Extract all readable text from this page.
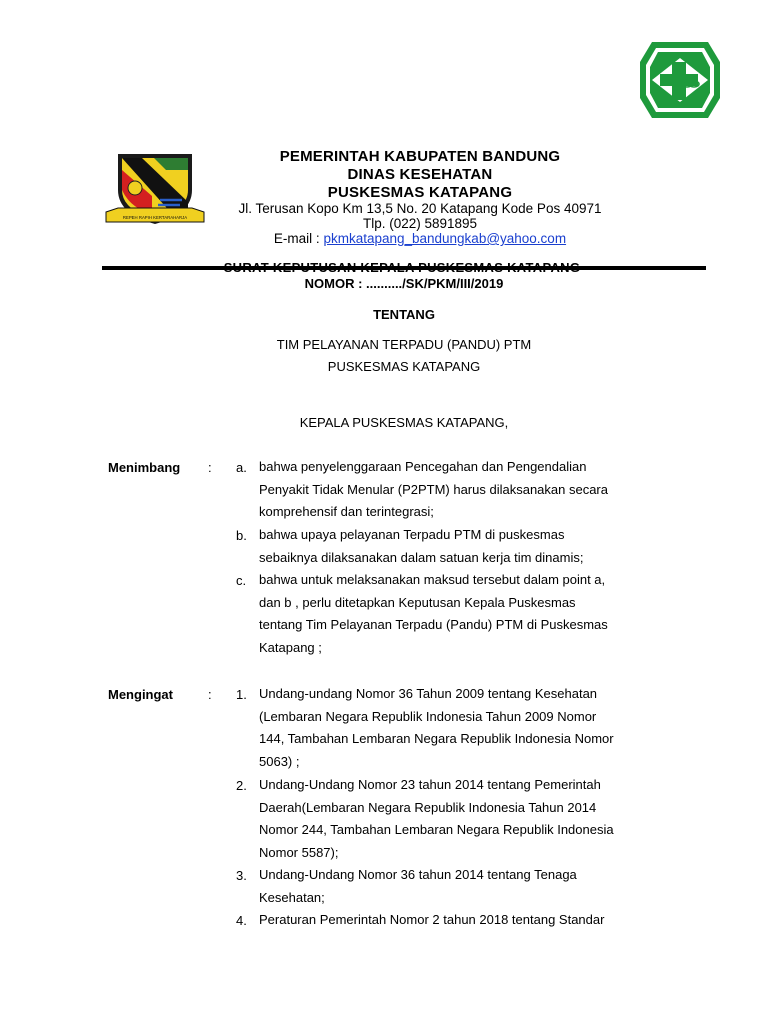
REPEH RAPIH KERTARAHARJA
PEMERINTAH KABUPATEN BANDUNG
DINAS KESEHATAN
PUSKESMAS KATAPANG
Jl. Terusan Kopo Km 13,5 No. 20 Katapang Kode Pos 40971
Tlp. (022) 5891895
E-mail : pkmkatapang_bandungkab@yahoo.com
NOMOR : ........../SK/PKM/III/2019
TENTANG
TIM PELAYANAN TERPADU (PANDU) PTM
PUSKESMAS KATAPANG
KEPALA PUSKESMAS KATAPANG,
Menimbang : a. bahwa penyelenggaraan Pencegahan dan Pengendalian
Penyakit Tidak Menular (P2PTM) harus dilaksanakan secara
komprehensif dan terintegrasi;
b. bahwa upaya pelayanan Terpadu PTM di puskesmas
sebaiknya dilaksanakan dalam satuan kerja tim dinamis;
c. bahwa untuk melaksanakan maksud tersebut dalam point a,
dan b , perlu ditetapkan Keputusan Kepala Puskesmas
tentang Tim Pelayanan Terpadu (Pandu) PTM di Puskesmas
Katapang ;
Mengingat	: 1. Undang-undang Nomor 36 Tahun 2009 tentang Kesehatan
(Lembaran Negara Republik Indonesia Tahun 2009 Nomor
144, Tambahan Lembaran Negara Republik Indonesia Nomor
5063) ;
2. Undang-Undang Nomor 23 tahun 2014 tentang Pemerintah
Daerah(Lembaran Negara Republik Indonesia Tahun 2014
Nomor 244, Tambahan Lembaran Negara Republik Indonesia
Nomor 5587);
3. Undang-Undang Nomor 36 tahun 2014 tentang Tenaga
Kesehatan;
4. Peraturan Pemerintah Nomor 2 tahun 2018 tentang Standar
